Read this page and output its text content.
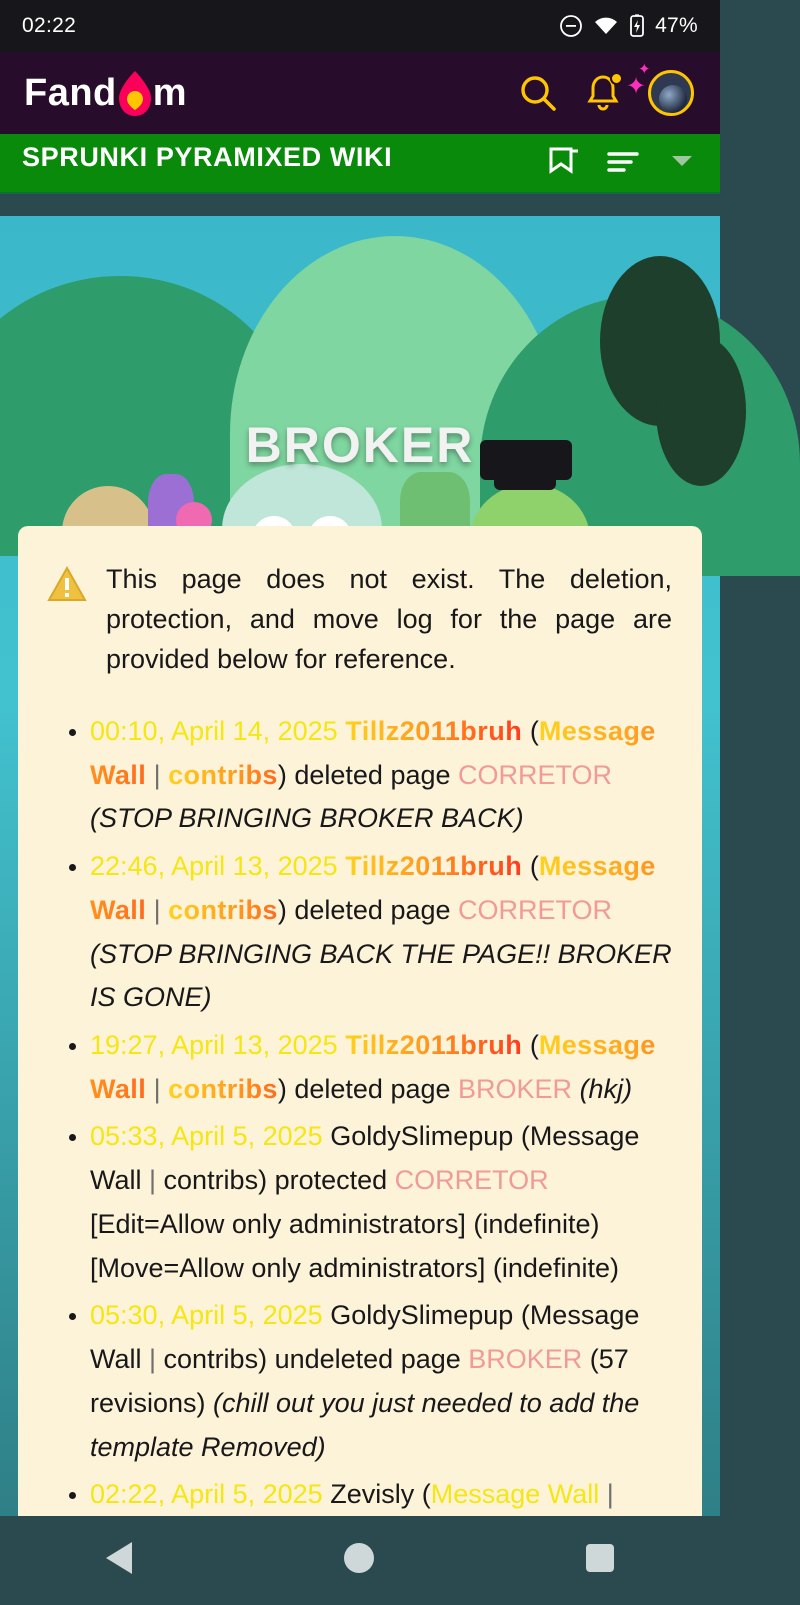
02:22	47%
Fand m	✦
✦
SPRUNKI PYRAMIXED WIKI
BROKER
This page does not exist. The deletion, protection, and move log for the page are provided below for reference.
• 00:10, April 14, 2025 Tillz2011bruh (Message Wall | contribs) deleted page CORRETOR (STOP BRINGING BROKER BACK)
• 22:46, April 13, 2025 Tillz2011bruh (Message Wall | contribs) deleted page CORRETOR (STOP BRINGING BACK THE PAGE!! BROKER IS GONE)
• 19:27, April 13, 2025 Tillz2011bruh (Message Wall | contribs) deleted page BROKER (hkj)
• 05:33, April 5, 2025 GoldySlimepup (Message Wall | contribs) protected CORRETOR [Edit=Allow only administrators] (indefinite) [Move=Allow only administrators] (indefinite)
• 05:30, April 5, 2025 GoldySlimepup (Message Wall | contribs) undeleted page BROKER (57 revisions) (chill out you just needed to add the template Removed)
• 02:22, April 5, 2025 Zevisly (Message Wall |
